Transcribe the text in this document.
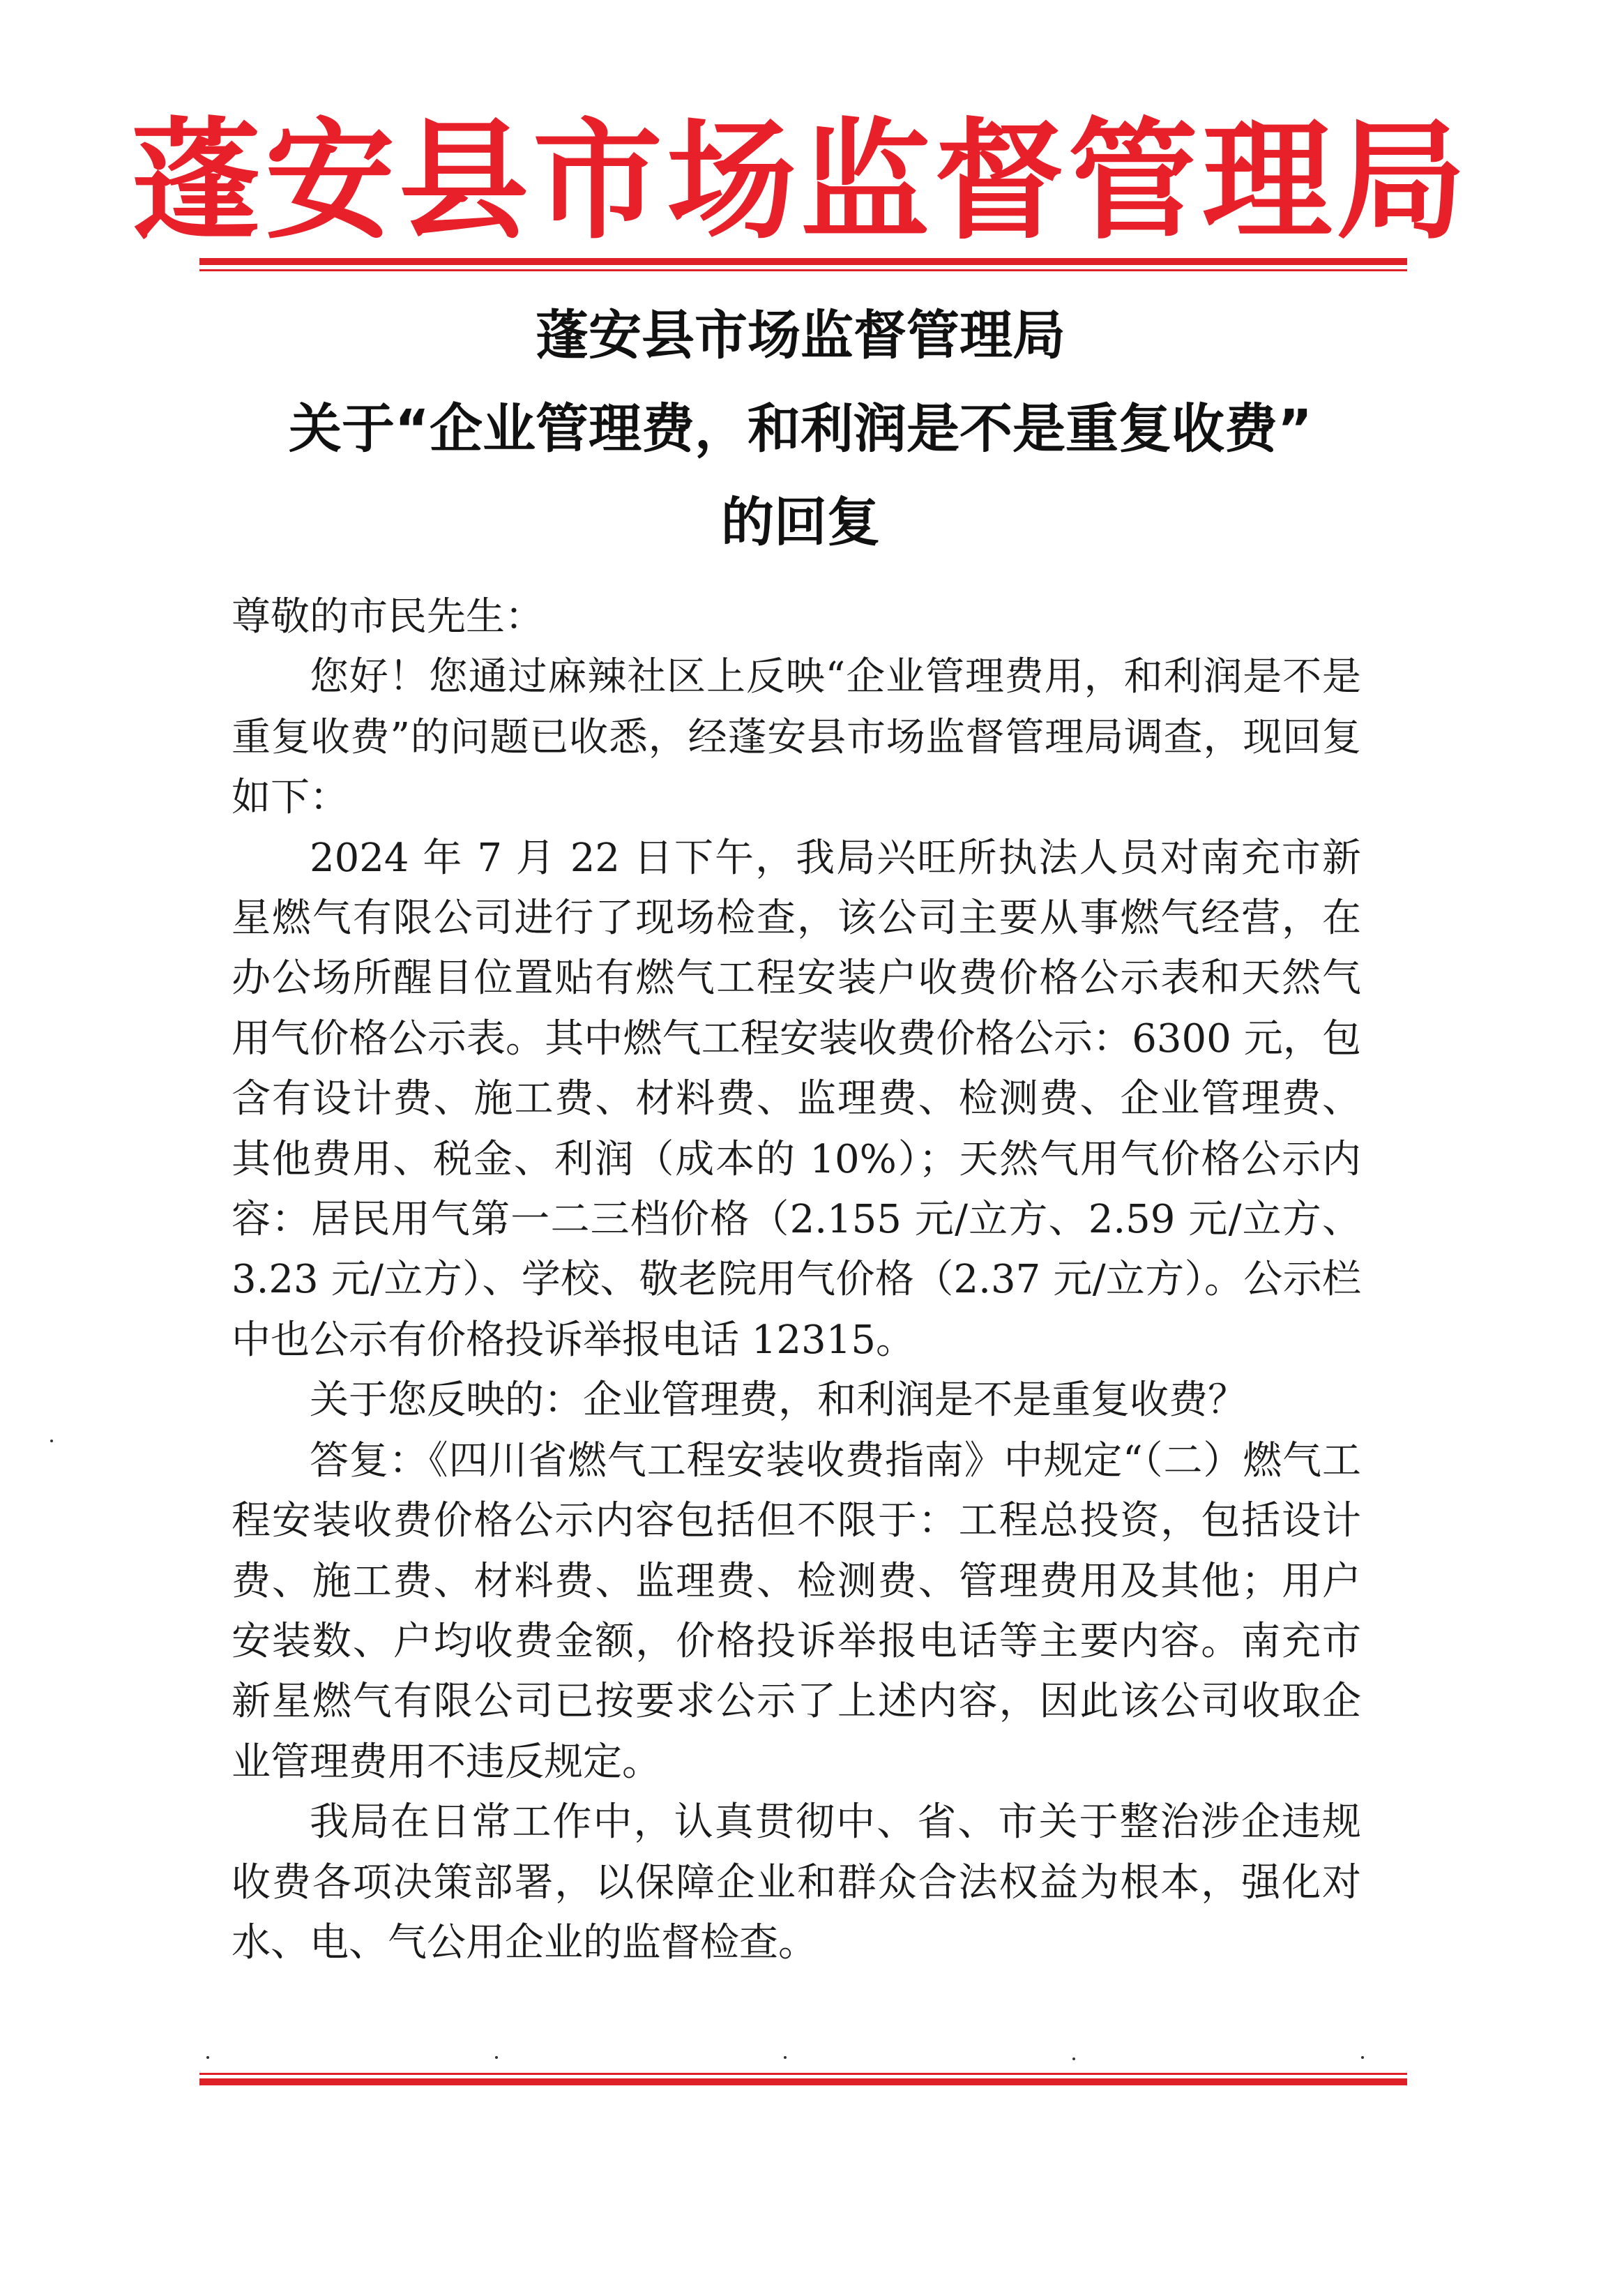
蓬安县市场监督管理局
蓬安县市场监督管理局
关于“企业管理费，和利润是不是重复收费”
的回复

尊敬的市民先生：

您好！您通过麻辣社区上反映“企业管理费用，和利润是不是重复收费”的问题已收悉，经蓬安县市场监督管理局调查，现回复如下：

2024 年 7 月 22 日下午，我局兴旺所执法人员对南充市新星燃气有限公司进行了现场检查，该公司主要从事燃气经营，在办公场所醒目位置贴有燃气工程安装户收费价格公示表和天然气用气价格公示表。其中燃气工程安装收费价格公示：6300 元，包含有设计费、施工费、材料费、监理费、检测费、企业管理费、其他费用、税金、利润（成本的 10%）；天然气用气价格公示内容：居民用气第一二三档价格（2.155 元/立方、2.59 元/立方、3.23 元/立方）、学校、敬老院用气价格（2.37 元/立方）。公示栏中也公示有价格投诉举报电话 12315。

关于您反映的：企业管理费，和利润是不是重复收费？

答复：《四川省燃气工程安装收费指南》中规定“（二）燃气工程安装收费价格公示内容包括但不限于：工程总投资，包括设计费、施工费、材料费、监理费、检测费、管理费用及其他；用户安装数、户均收费金额，价格投诉举报电话等主要内容。南充市新星燃气有限公司已按要求公示了上述内容，因此该公司收取企业管理费用不违反规定。

我局在日常工作中，认真贯彻中、省、市关于整治涉企违规收费各项决策部署，以保障企业和群众合法权益为根本，强化对水、电、气公用企业的监督检查。
